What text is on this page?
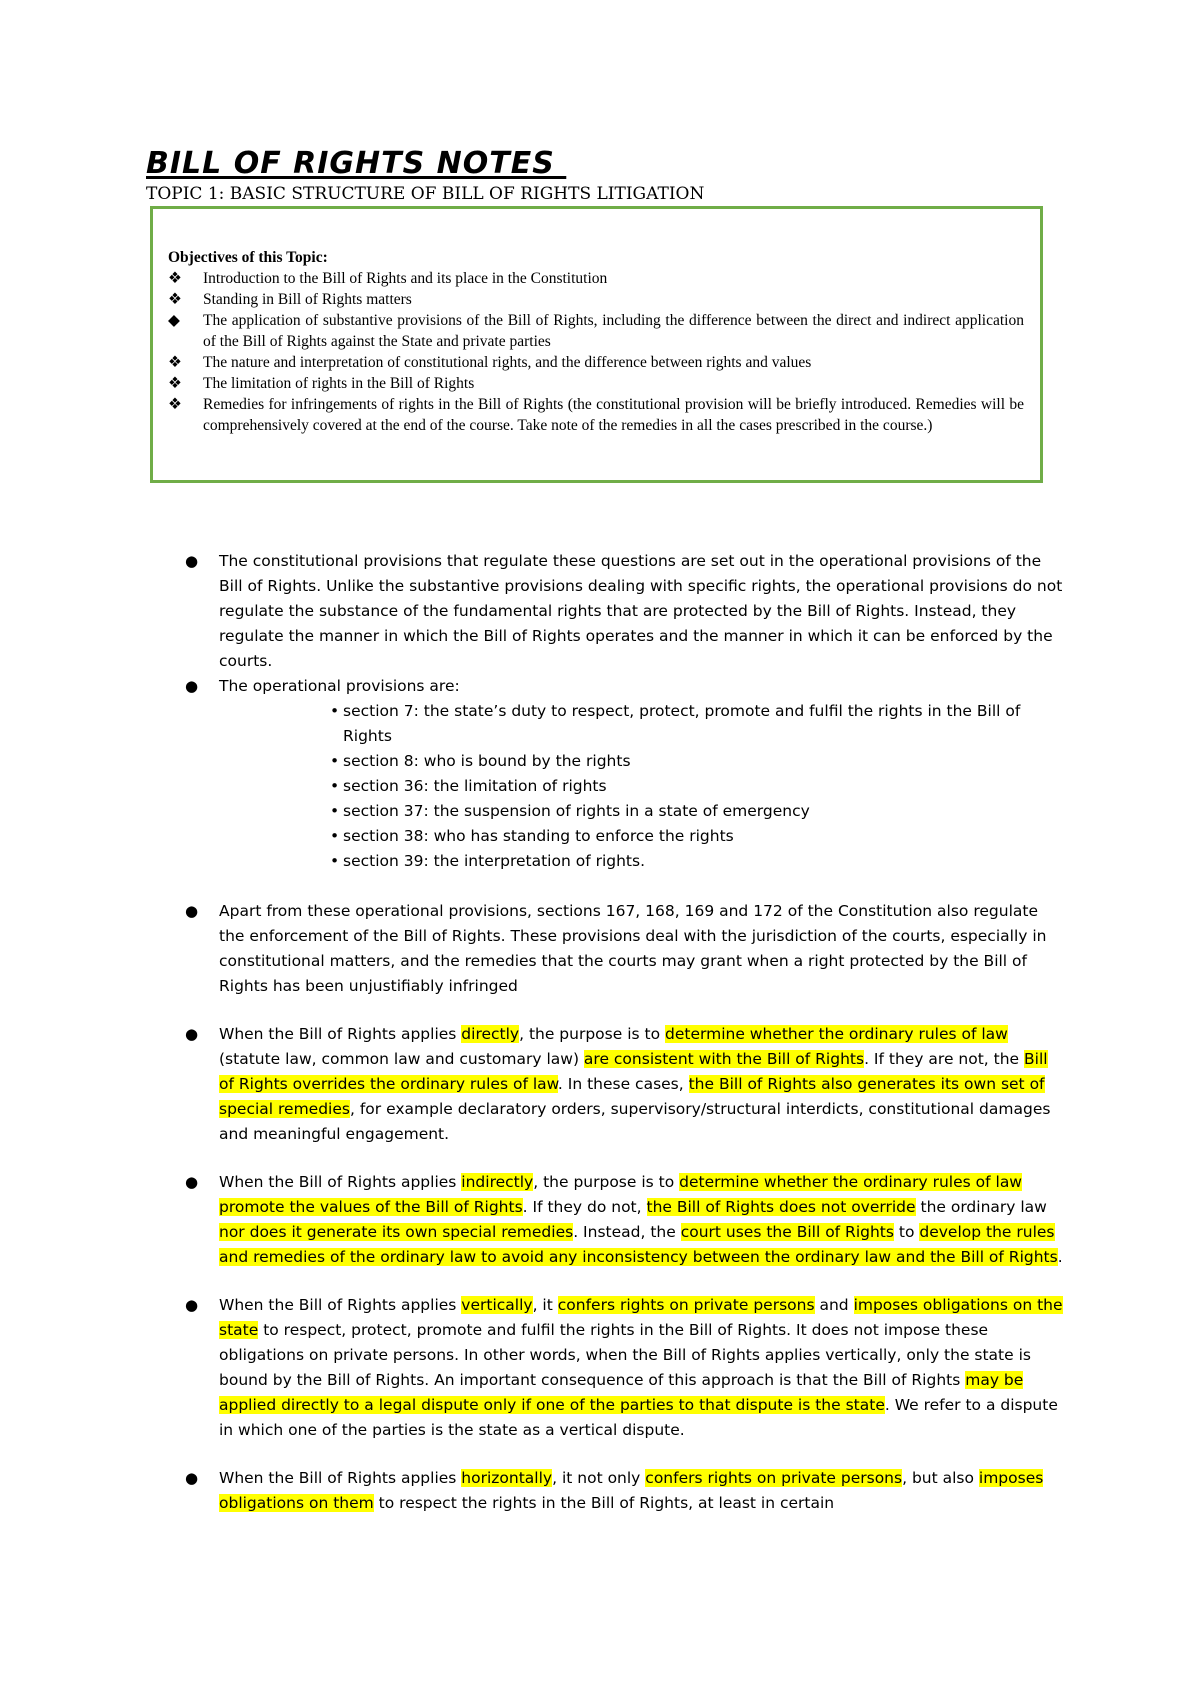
BILL OF RIGHTS NOTES
TOPIC 1: BASIC STRUCTURE OF BILL OF RIGHTS LITIGATION
Objectives of this Topic:
❖	Introduction to the Bill of Rights and its place in the Constitution
❖	Standing in Bill of Rights matters
◆	The application of substantive provisions of the Bill of Rights, including the difference between the direct and indirect application of the Bill of Rights against the State and private parties
❖	The nature and interpretation of constitutional rights, and the difference between rights and values
❖	The limitation of rights in the Bill of Rights
❖	Remedies for infringements of rights in the Bill of Rights (the constitutional provision will be briefly introduced. Remedies will be comprehensively covered at the end of the course. Take note of the remedies in all the cases prescribed in the course.)
● The constitutional provisions that regulate these questions are set out in the operational provisions of the Bill of Rights. Unlike the substantive provisions dealing with specific rights, the operational provisions do not regulate the substance of the fundamental rights that are protected by the Bill of Rights. Instead, they regulate the manner in which the Bill of Rights operates and the manner in which it can be enforced by the courts.
● The operational provisions are:
• section 7: the state’s duty to respect, protect, promote and fulfil the rights in the Bill of Rights
• section 8: who is bound by the rights
• section 36: the limitation of rights
• section 37: the suspension of rights in a state of emergency
• section 38: who has standing to enforce the rights
• section 39: the interpretation of rights.
● Apart from these operational provisions, sections 167, 168, 169 and 172 of the Constitution also regulate the enforcement of the Bill of Rights. These provisions deal with the jurisdiction of the courts, especially in constitutional matters, and the remedies that the courts may grant when a right protected by the Bill of Rights has been unjustifiably infringed
● When the Bill of Rights applies directly, the purpose is to determine whether the ordinary rules of law (statute law, common law and customary law) are consistent with the Bill of Rights. If they are not, the Bill of Rights overrides the ordinary rules of law. In these cases, the Bill of Rights also generates its own set of special remedies, for example declaratory orders, supervisory/structural interdicts, constitutional damages and meaningful engagement.
● When the Bill of Rights applies indirectly, the purpose is to determine whether the ordinary rules of law promote the values of the Bill of Rights. If they do not, the Bill of Rights does not override the ordinary law nor does it generate its own special remedies. Instead, the court uses the Bill of Rights to develop the rules and remedies of the ordinary law to avoid any inconsistency between the ordinary law and the Bill of Rights.
● When the Bill of Rights applies vertically, it confers rights on private persons and imposes obligations on the state to respect, protect, promote and fulfil the rights in the Bill of Rights. It does not impose these obligations on private persons. In other words, when the Bill of Rights applies vertically, only the state is bound by the Bill of Rights. An important consequence of this approach is that the Bill of Rights may be applied directly to a legal dispute only if one of the parties to that dispute is the state. We refer to a dispute in which one of the parties is the state as a vertical dispute.
● When the Bill of Rights applies horizontally, it not only confers rights on private persons, but also imposes obligations on them to respect the rights in the Bill of Rights, at least in certain
